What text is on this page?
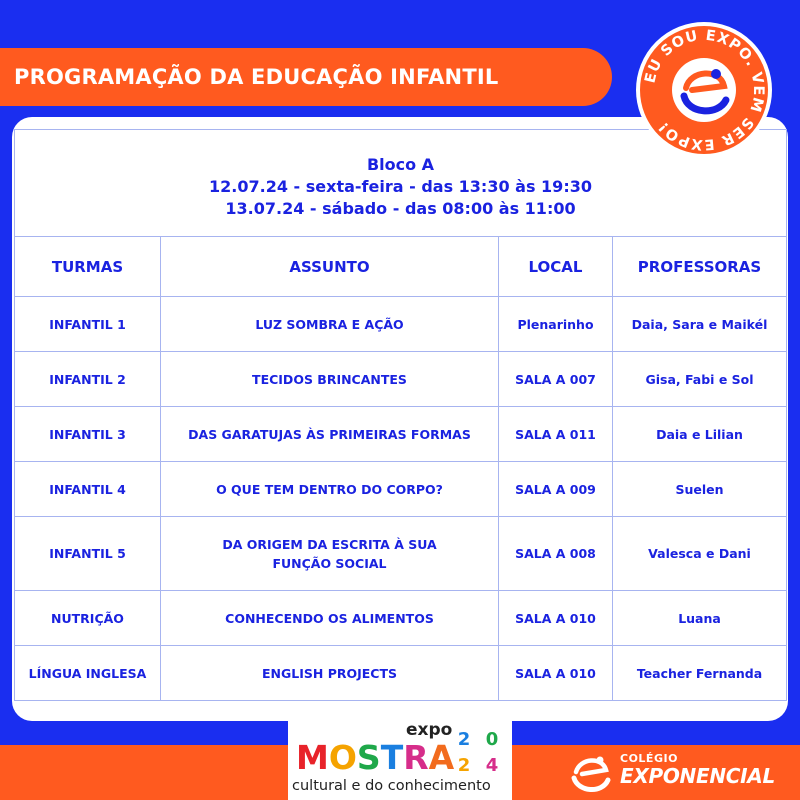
PROGRAMAÇÃO DA EDUCAÇÃO INFANTIL
Bloco A
12.07.24 - sexta-feira - das 13:30 às 19:30
13.07.24 - sábado - das 08:00 às 11:00			

TURMAS	ASSUNTO	LOCAL	PROFESSORAS
INFANTIL 1	LUZ SOMBRA E AÇÃO	Plenarinho	Daia, Sara e Maikél
INFANTIL 2	TECIDOS BRINCANTES	SALA A 007	Gisa, Fabi e Sol
INFANTIL 3	DAS GARATUJAS ÀS PRIMEIRAS FORMAS	SALA A 011	Daia e Lilian
INFANTIL 4	O QUE TEM DENTRO DO CORPO?	SALA A 009	Suelen
INFANTIL 5	DA ORIGEM DA ESCRITA À SUA FUNÇÃO SOCIAL	SALA A 008	Valesca e Dani
NUTRIÇÃO	CONHECENDO OS ALIMENTOS	SALA A 010	Luana
LÍNGUA INGLESA	ENGLISH PROJECTS	SALA A 010	Teacher Fernanda
EU SOU EXPO. VEM SER EXPO!
expo
M O S T R A 2 0
2 4
cultural e do conhecimento
COLÉGIO
EXPONENCIAL
